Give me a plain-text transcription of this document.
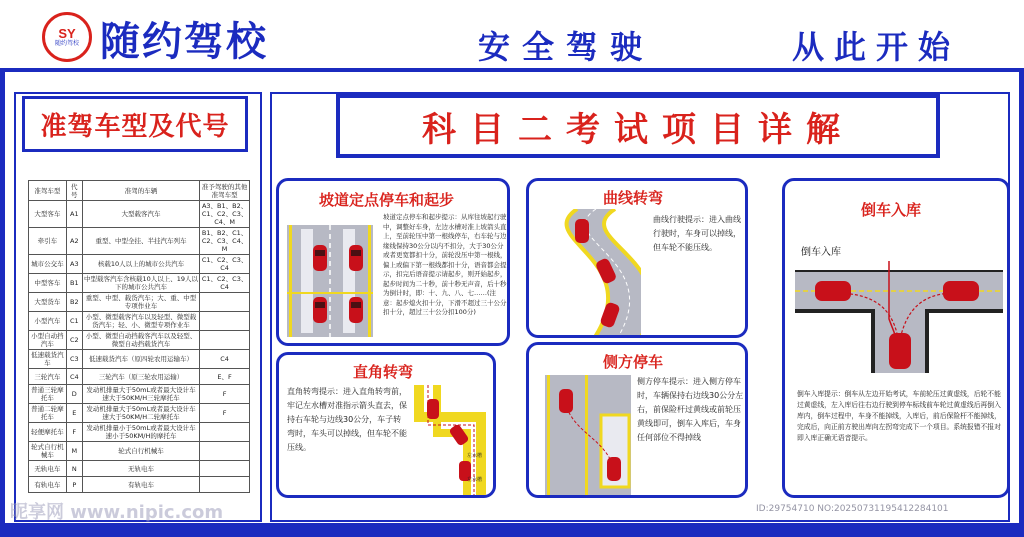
SY
随约驾校 随约驾校	安全驾驶	从此开始
准驾车型及代号
准驾车型	代号	准驾的车辆	准予驾驶的其他准驾车型
大型客车	A1	大型载客汽车	A3、B1、B2、C1、C2、C3、C4、M
牵引车	A2	重型、中型全挂、半挂汽车列车	B1、B2、C1、C2、C3、C4、M
城市公交车	A3	核载10人以上的城市公共汽车	C1、C2、C3、C4
中型客车	B1	中型载客汽车含核载10人以上、19人以下的城市公共汽车	C1、C2、C3、C4
大型货车	B2	重型、中型、载货汽车；大、重、中型专项作业车	
小型汽车	C1	小型、微型载客汽车以及轻型、微型载货汽车；轻、小、微型专项作业车	
小型自动挡汽车	C2	小型、微型自动挡载客汽车以及轻型、微型自动挡载货汽车	
低速载货汽车	C3	低速载货汽车（原四轮农用运输车）	C4
三轮汽车	C4	三轮汽车（原三轮农用运输）	E、F
普通三轮摩托车	D	发动机排量大于50mL或者最大设计车速大于50KM/H三轮摩托车	F
普通二轮摩托车	E	发动机排量大于50mL或者最大设计车速大于50KM/H二轮摩托车	F
轻便摩托车	F	发动机排量小于50mL或者最大设计车速小于50KM/H的摩托车	
轮式自行机械车	M	轮式自行机械车	
无轨电车	N	无轨电车	
有轨电车	P	有轨电车	
科目二考试项目详解
坡道定点停车和起步
坡道定点停车和起步提示：从库往坡起行驶中，调整好车身，左边水槽对准上坡箭头直上，至前轮压中第一根线停车，右车轮与边缘线保持30公分以内不扣分，大于30公分或者更宽都扣十分，前轮没压中第一根线，偏上或偏下第一根线都扣十分，语音都会提示，扣完后语音提示请起步，则开始起步，起步时间为二十秒，前十秒无声音，后十秒为倒计时，即：十、九、八、七……(注意：起步熄火扣十分，下滑不超过三十公分扣十分，超过三十公分扣100分)
直角转弯
直角转弯提示：进入直角转弯前，牢记左水槽对准指示箭头直去，保持右车轮与边线30公分，车子转弯时，车头可以掉线，但车轮不能压线。
左水槽
左水槽
曲线转弯
曲线行驶提示：进入曲线行驶时，车身可以掉线，但车轮不能压线。
侧方停车
侧方停车提示：进入侧方停车时，车辆保持右边线30公分左右，前保险杆过黄线或前轮压黄线即可，倒车入库后，车身任何部位不得掉线
倒车入库
倒车入库
倒车入库提示：倒车从左边开始考试，车前轮压过黄虚线，后轮不能过黄虚线，左入库后往右边行驶到停车标线前车轮过黄虚线后再倒入库内，倒车过程中，车身不能掉线，入库后，前后保险杆不能掉线，完成后，向正前方驶出库向左拐弯完成下一个项目。系统报错不报对即入库正确无语音提示。
昵享网 www.nipic.com	ID:29754710 NO:20250731195412284101
